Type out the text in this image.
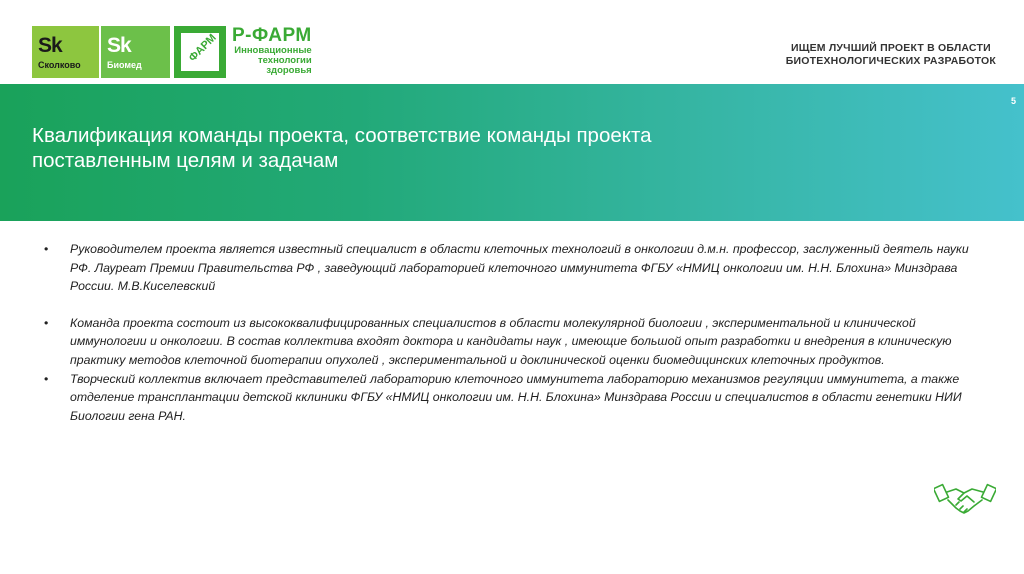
Sk
Сколково
Sk
Биомед
ФАРМ Р-ФАРМ
Инновационные
технологии
здоровья
ИЩЕМ ЛУЧШИЙ ПРОЕКТ В ОБЛАСТИ
БИОТЕХНОЛОГИЧЕСКИХ РАЗРАБОТОК
5
Квалификация команды проекта, соответствие команды проекта
поставленным целям и задачам
• Руководителем проекта является известный специалист в области клеточных технологий в онкологии д.м.н. профессор, заслуженный деятель науки РФ. Лауреат Премии Правительства РФ , заведующий лабораторией клеточного иммунитета ФГБУ «НМИЦ онкологии им. Н.Н. Блохина» Минздрава России. М.В.Киселевский
• Команда проекта состоит из высококвалифицированных специалистов в области молекулярной биологии , экспериментальной и клинической иммунологии и онкологии. В состав коллектива входят доктора и кандидаты наук , имеющие большой опыт разработки и внедрения в клиническую практику методов клеточной биотерапии опухолей , экспериментальной и доклинической оценки биомедицинских клеточных продуктов.
• Творческий коллектив включает представителей лабораторию клеточного иммунитета лабораторию механизмов регуляции иммунитета, а также отделение трансплантации детской кклиники ФГБУ «НМИЦ онкологии им. Н.Н. Блохина» Минздрава России и специалистов в области генетики НИИ Биологии гена РАН.
